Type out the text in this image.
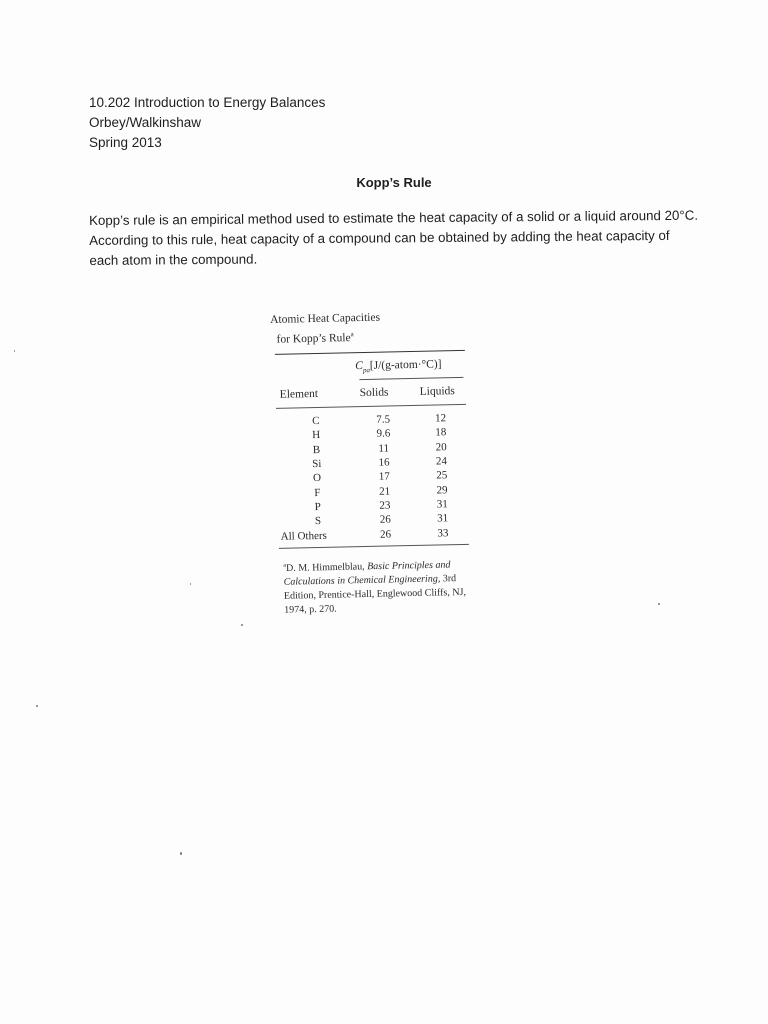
10.202 Introduction to Energy Balances
Orbey/Walkinshaw
Spring 2013
Kopp’s Rule
Kopp’s rule is an empirical method used to estimate the heat capacity of a solid or a liquid around 20°C. According to this rule, heat capacity of a compound can be obtained by adding the heat capacity of each atom in the compound.
Atomic Heat Capacities
for Kopp’s Rule$^a$
$C_{pa}[J/(g-atom\cdot^\circ C)]$
Element	Solids	Liquids
C	7.5	12
H	9.6	18
B	11	20
Si	16	24
O	17	25
F	21	29
P	23	31
S	26	31
All Others	26	33
$^a$D. M. Himmelblau, Basic Principles and Calculations in Chemical Engineering, 3rd Edition, Prentice-Hall, Englewood Cliffs, NJ, 1974, p. 270.
